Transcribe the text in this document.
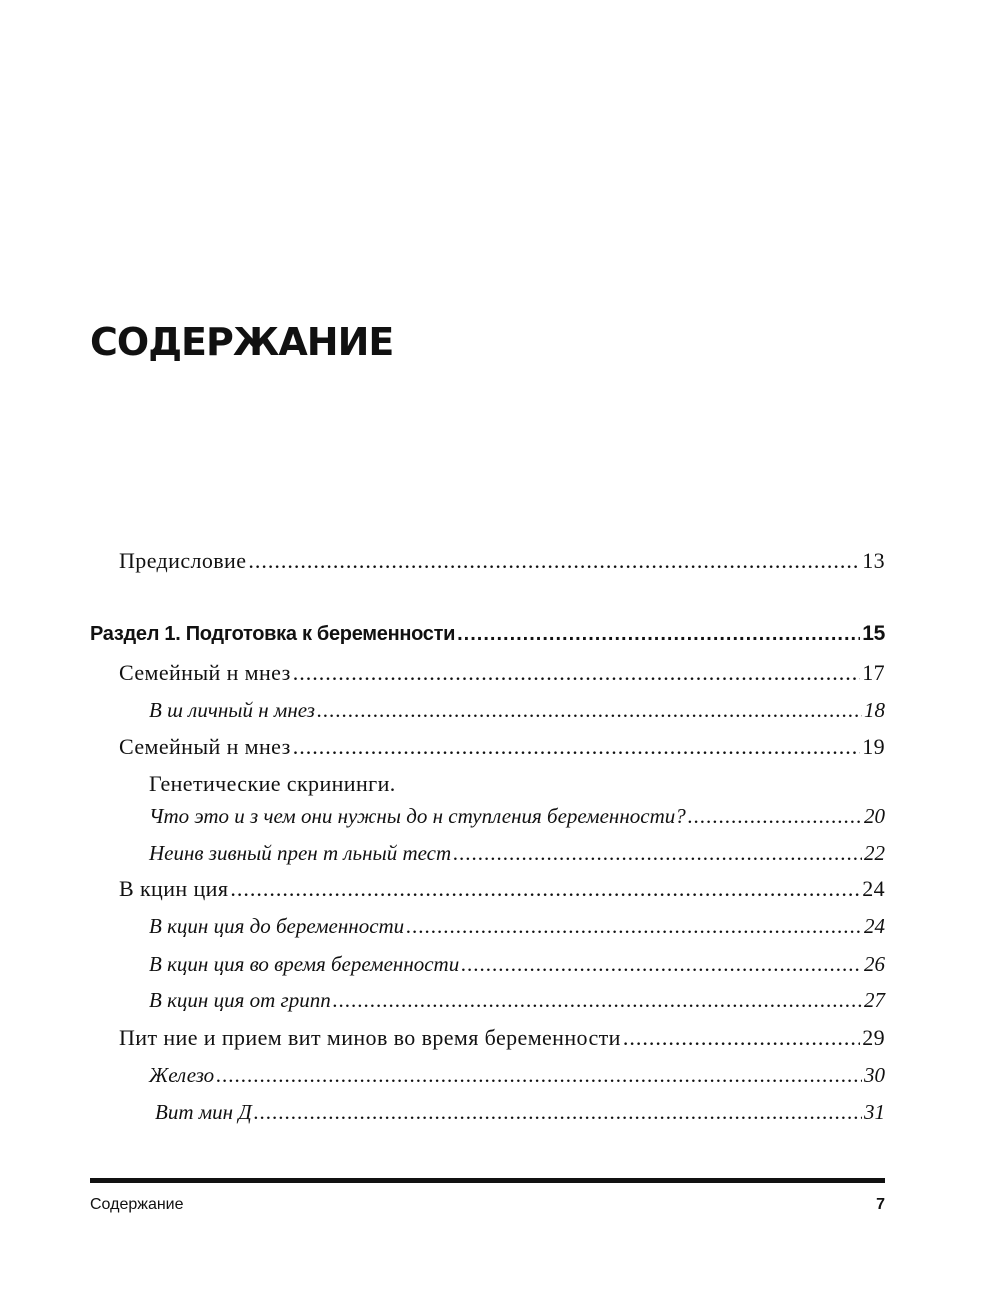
СОДЕРЖАНИЕ
Предисловие .....	13
Раздел 1. Подготовка к беременности .....	15
Семейный н мнез .....	17
В ш личный н мнез .....	18
Семейный н мнез .....	19
Генетические скрининги.
Что это и з чем они нужны до н ступления беременности? .....	20
Неинв зивный прен т льный тест .....	22
В кцин ция .....	24
В кцин ция до беременности .....	24
В кцин ция во время беременности .....	26
В кцин ция от грипп .....	27
Пит ние и прием вит минов во время беременности .....	29
Железо .....	30
Вит мин Д .....	31
Содержание	7
